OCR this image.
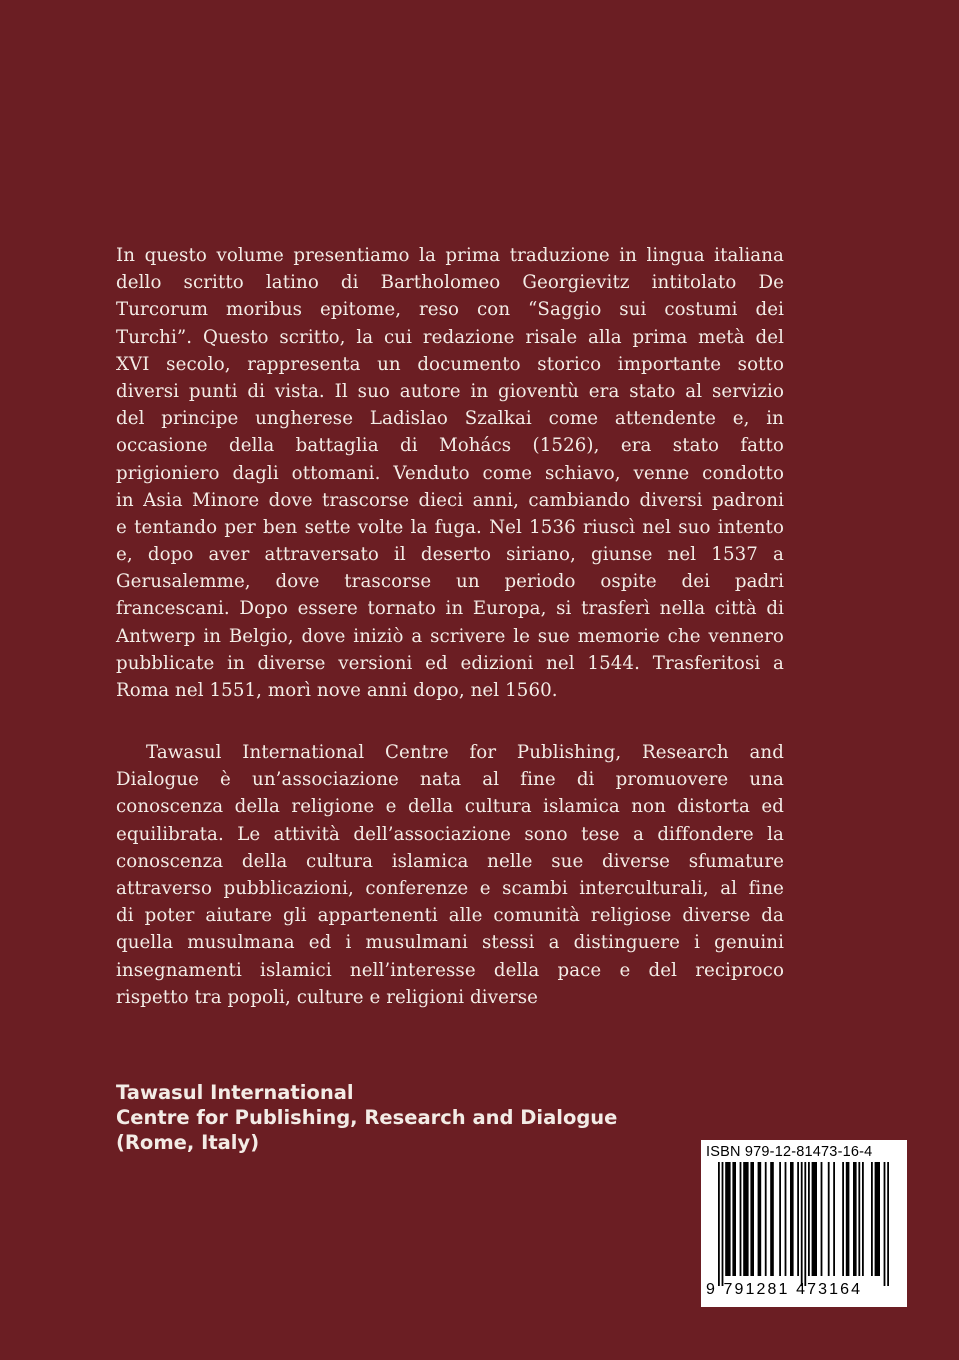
In questo volume presentiamo la prima traduzione in lingua italiana
dello scritto latino di Bartholomeo Georgievitz intitolato De
Turcorum moribus epitome, reso con “Saggio sui costumi dei
Turchi”. Questo scritto, la cui redazione risale alla prima metà del
XVI secolo, rappresenta un documento storico importante sotto
diversi punti di vista. Il suo autore in gioventù era stato al servizio
del principe ungherese Ladislao Szalkai come attendente e, in
occasione della battaglia di Mohács (1526), era stato fatto
prigioniero dagli ottomani. Venduto come schiavo, venne condotto
in Asia Minore dove trascorse dieci anni, cambiando diversi padroni
e tentando per ben sette volte la fuga. Nel 1536 riuscì nel suo intento
e, dopo aver attraversato il deserto siriano, giunse nel 1537 a
Gerusalemme, dove trascorse un periodo ospite dei padri
francescani. Dopo essere tornato in Europa, si trasferì nella città di
Antwerp in Belgio, dove iniziò a scrivere le sue memorie che vennero
pubblicate in diverse versioni ed edizioni nel 1544. Trasferitosi a
Roma nel 1551, morì nove anni dopo, nel 1560.
Tawasul International Centre for Publishing, Research and
Dialogue è un’associazione nata al fine di promuovere una
conoscenza della religione e della cultura islamica non distorta ed
equilibrata. Le attività dell’associazione sono tese a diffondere la
conoscenza della cultura islamica nelle sue diverse sfumature
attraverso pubblicazioni, conferenze e scambi interculturali, al fine
di poter aiutare gli appartenenti alle comunità religiose diverse da
quella musulmana ed i musulmani stessi a distinguere i genuini
insegnamenti islamici nell’interesse della pace e del reciproco
rispetto tra popoli, culture e religioni diverse
Tawasul International
Centre for Publishing, Research and Dialogue
(Rome, Italy)	ISBN 979-12-81473-16-4
9 791281 473164
